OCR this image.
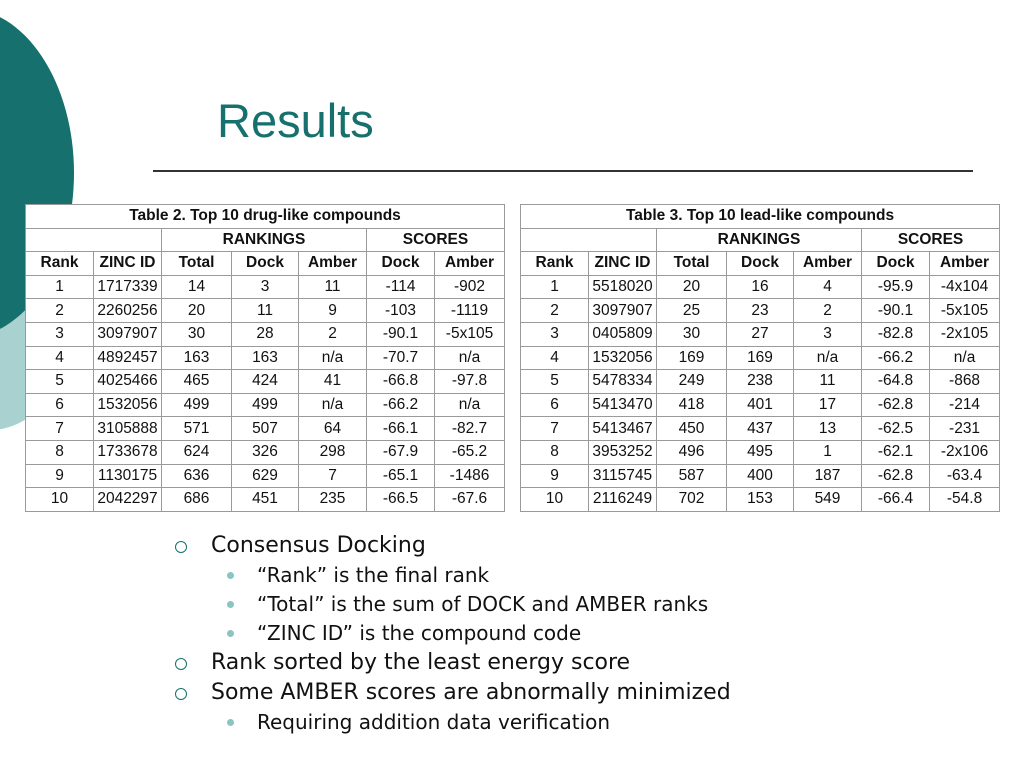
Results
Table 2. Top 10 drug-like compounds						
		RANKINGS			SCORES	
Rank	ZINC ID	Total	Dock	Amber	Dock	Amber
1	1717339	14	3	11	-114	-902
2	2260256	20	11	9	-103	-1119
3	3097907	30	28	2	-90.1	-5x105
4	4892457	163	163	n/a	-70.7	n/a
5	4025466	465	424	41	-66.8	-97.8
6	1532056	499	499	n/a	-66.2	n/a
7	3105888	571	507	64	-66.1	-82.7
8	1733678	624	326	298	-67.9	-65.2
9	1130175	636	629	7	-65.1	-1486
10	2042297	686	451	235	-66.5	-67.6
Table 3. Top 10 lead-like compounds						
		RANKINGS			SCORES	
Rank	ZINC ID	Total	Dock	Amber	Dock	Amber
1	5518020	20	16	4	-95.9	-4x104
2	3097907	25	23	2	-90.1	-5x105
3	0405809	30	27	3	-82.8	-2x105
4	1532056	169	169	n/a	-66.2	n/a
5	5478334	249	238	11	-64.8	-868
6	5413470	418	401	17	-62.8	-214
7	5413467	450	437	13	-62.5	-231
8	3953252	496	495	1	-62.1	-2x106
9	3115745	587	400	187	-62.8	-63.4
10	2116249	702	153	549	-66.4	-54.8
Consensus Docking
“Rank” is the final rank
“Total” is the sum of DOCK and AMBER ranks
“ZINC ID” is the compound code
Rank sorted by the least energy score
Some AMBER scores are abnormally minimized
Requiring addition data verification
